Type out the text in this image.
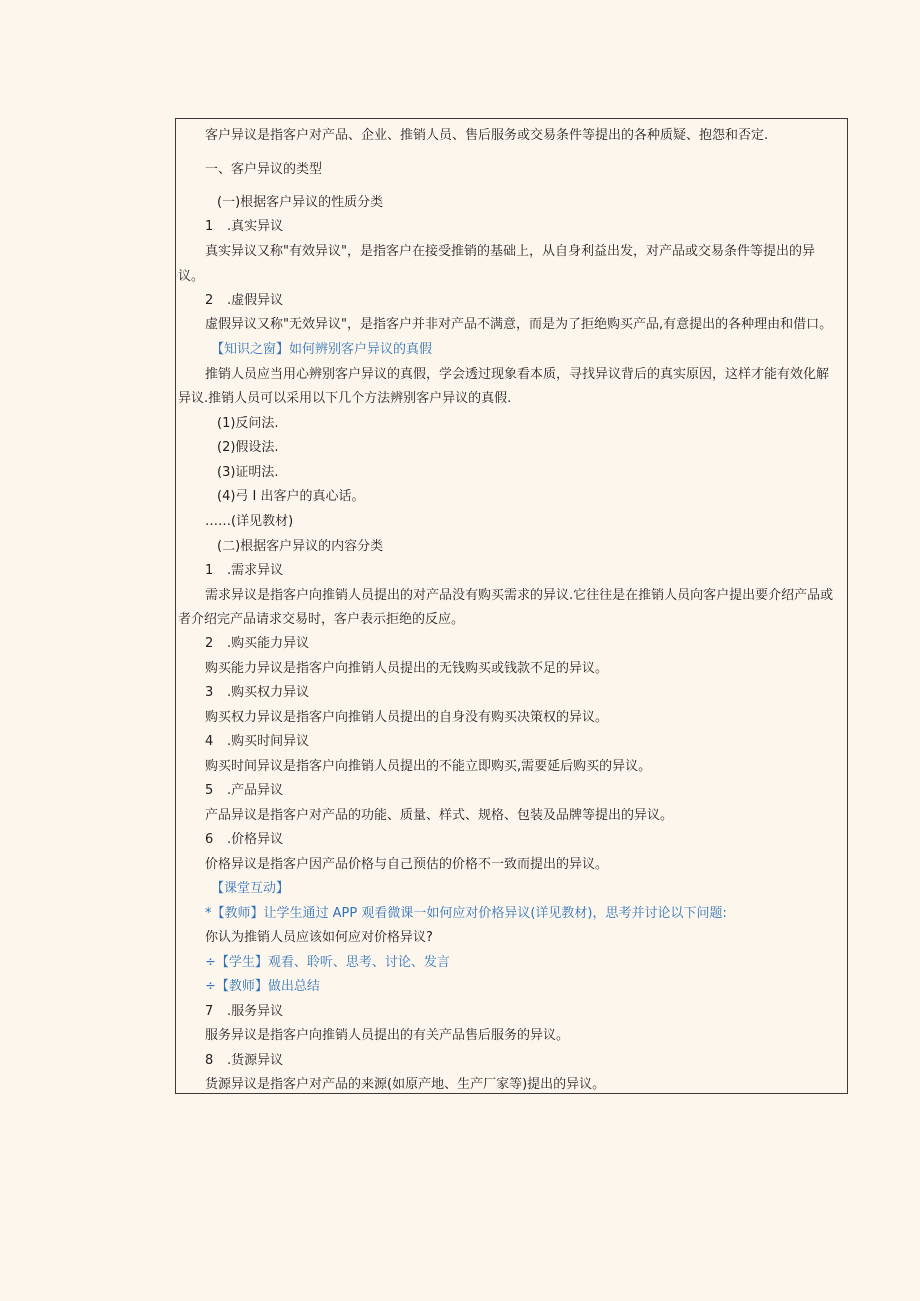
客户异议是指客户对产品、企业、推销人员、售后服务或交易条件等提出的各种质疑、抱怨和否定.
一、客户异议的类型
(一)根据客户异议的性质分类
1 .真实异议
真实异议又称"有效异议"，是指客户在接受推销的基础上，从自身利益出发，对产品或交易条件等提出的异
议。
2 .虚假异议
虚假异议又称"无效异议"，是指客户并非对产品不满意，而是为了拒绝购买产品,有意提出的各种理由和借口。
【知识之窗】如何辨别客户异议的真假
推销人员应当用心辨别客户异议的真假，学会透过现象看本质，寻找异议背后的真实原因，这样才能有效化解
异议.推销人员可以采用以下几个方法辨别客户异议的真假.
(1)反问法.
(2)假设法.
(3)证明法.
(4)弓 I 出客户的真心话。
……(详见教材)
(二)根据客户异议的内容分类
1 .需求异议
需求异议是指客户向推销人员提出的对产品没有购买需求的异议.它往往是在推销人员向客户提出要介绍产品或
者介绍完产品请求交易时，客户表示拒绝的反应。
2 .购买能力异议
购买能力异议是指客户向推销人员提出的无钱购买或钱款不足的异议。
3 .购买权力异议
购买权力异议是指客户向推销人员提出的自身没有购买决策权的异议。
4 .购买时间异议
购买时间异议是指客户向推销人员提出的不能立即购买,需要延后购买的异议。
5 .产品异议
产品异议是指客户对产品的功能、质量、样式、规格、包装及品牌等提出的异议。
6 .价格异议
价格异议是指客户因产品价格与自己预估的价格不一致而提出的异议。
【课堂互动】
*【教师】让学生通过 APP 观看微课一如何应对价格异议(详见教材)，思考并讨论以下问题:
你认为推销人员应该如何应对价格异议?
÷【学生】观看、聆听、思考、讨论、发言
÷【教师】做出总结
7 .服务异议
服务异议是指客户向推销人员提出的有关产品售后服务的异议。
8 .货源异议
货源异议是指客户对产品的来源(如原产地、生产厂家等)提出的异议。
